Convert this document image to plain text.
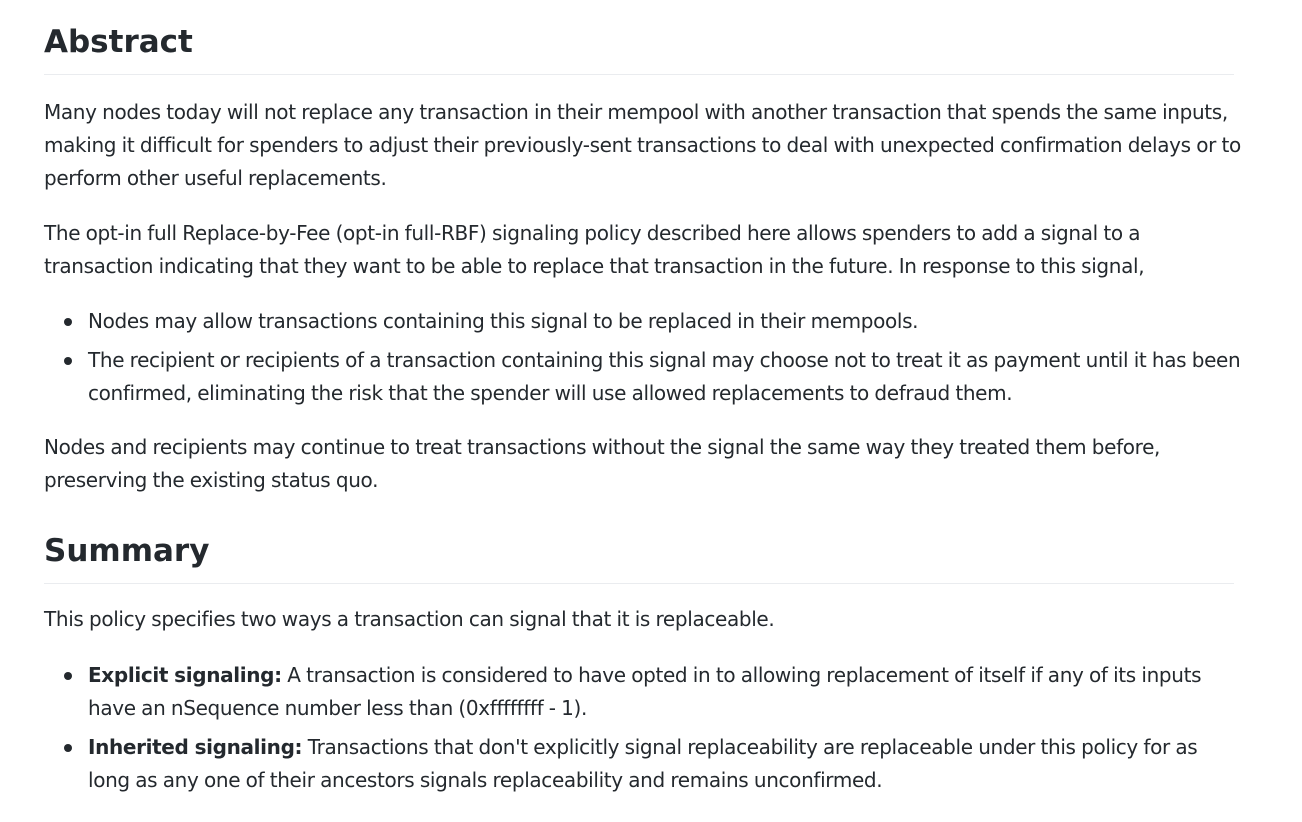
Abstract

Many nodes today will not replace any transaction in their mempool with another transaction that spends the same inputs, making it difficult for spenders to adjust their previously-sent transactions to deal with unexpected confirmation delays or to perform other useful replacements.

The opt-in full Replace-by-Fee (opt-in full-RBF) signaling policy described here allows spenders to add a signal to a transaction indicating that they want to be able to replace that transaction in the future. In response to this signal,

Nodes may allow transactions containing this signal to be replaced in their mempools.
The recipient or recipients of a transaction containing this signal may choose not to treat it as payment until it has been confirmed, eliminating the risk that the spender will use allowed replacements to defraud them.

Nodes and recipients may continue to treat transactions without the signal the same way they treated them before, preserving the existing status quo.

Summary

This policy specifies two ways a transaction can signal that it is replaceable.

Explicit signaling: A transaction is considered to have opted in to allowing replacement of itself if any of its inputs have an nSequence number less than (0xffffffff - 1).
Inherited signaling: Transactions that don't explicitly signal replaceability are replaceable under this policy for as long as any one of their ancestors signals replaceability and remains unconfirmed.
